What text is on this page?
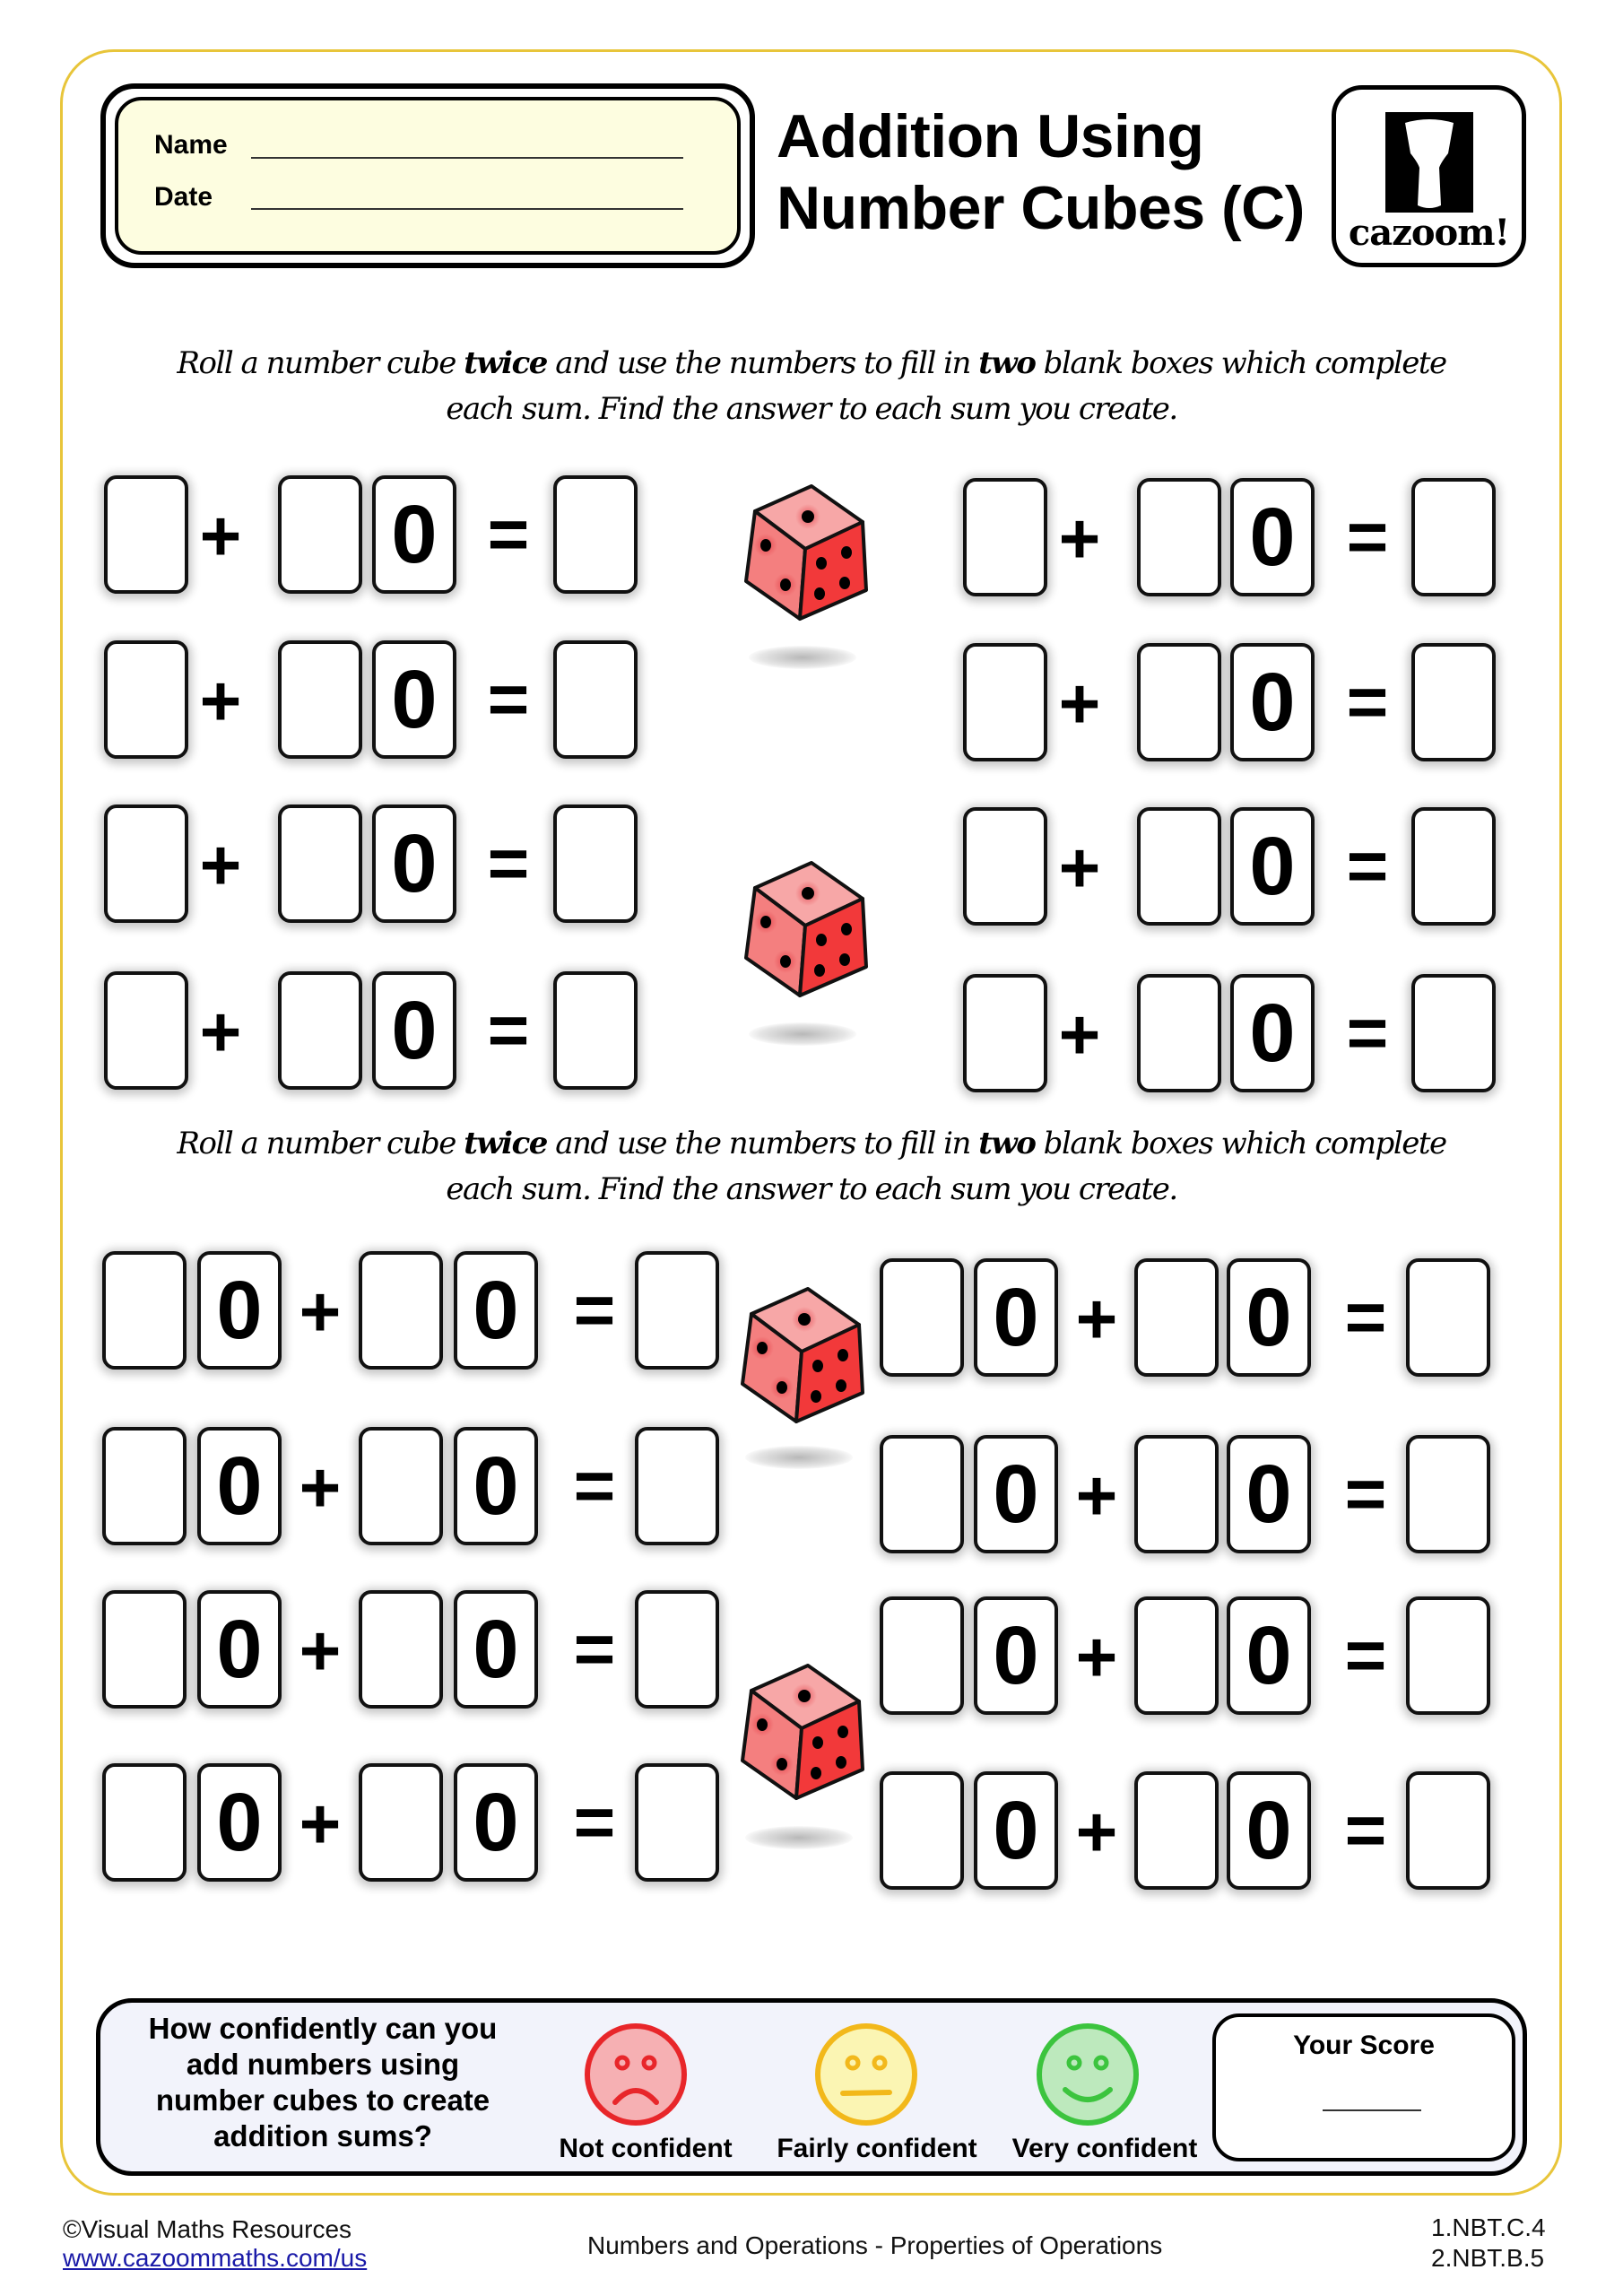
Name
Date
Addition Using
Number Cubes (C)	cazoom!
Roll a number cube twice and use the numbers to fill in two blank boxes which complete
each sum. Find the answer to each sum you create.
+ 0 =
+ 0 =
+ 0 =
+ 0 =
+ 0 =
+ 0 =
+ 0 =
+ 0 =
Roll a number cube twice and use the numbers to fill in two blank boxes which complete
each sum. Find the answer to each sum you create.
0 + 0 =
0 + 0 =
0 + 0 =
0 + 0 =
0 + 0 =
0 + 0 =
0 + 0 =
0 + 0 =
How confidently can you
add numbers using
number cubes to create
addition sums?	Not confident	Fairly confident	Very confident
Your Score
©Visual Maths Resources
www.cazoommaths.com/us	Numbers and Operations - Properties of Operations
1.NBT.C.4
2.NBT.B.5
